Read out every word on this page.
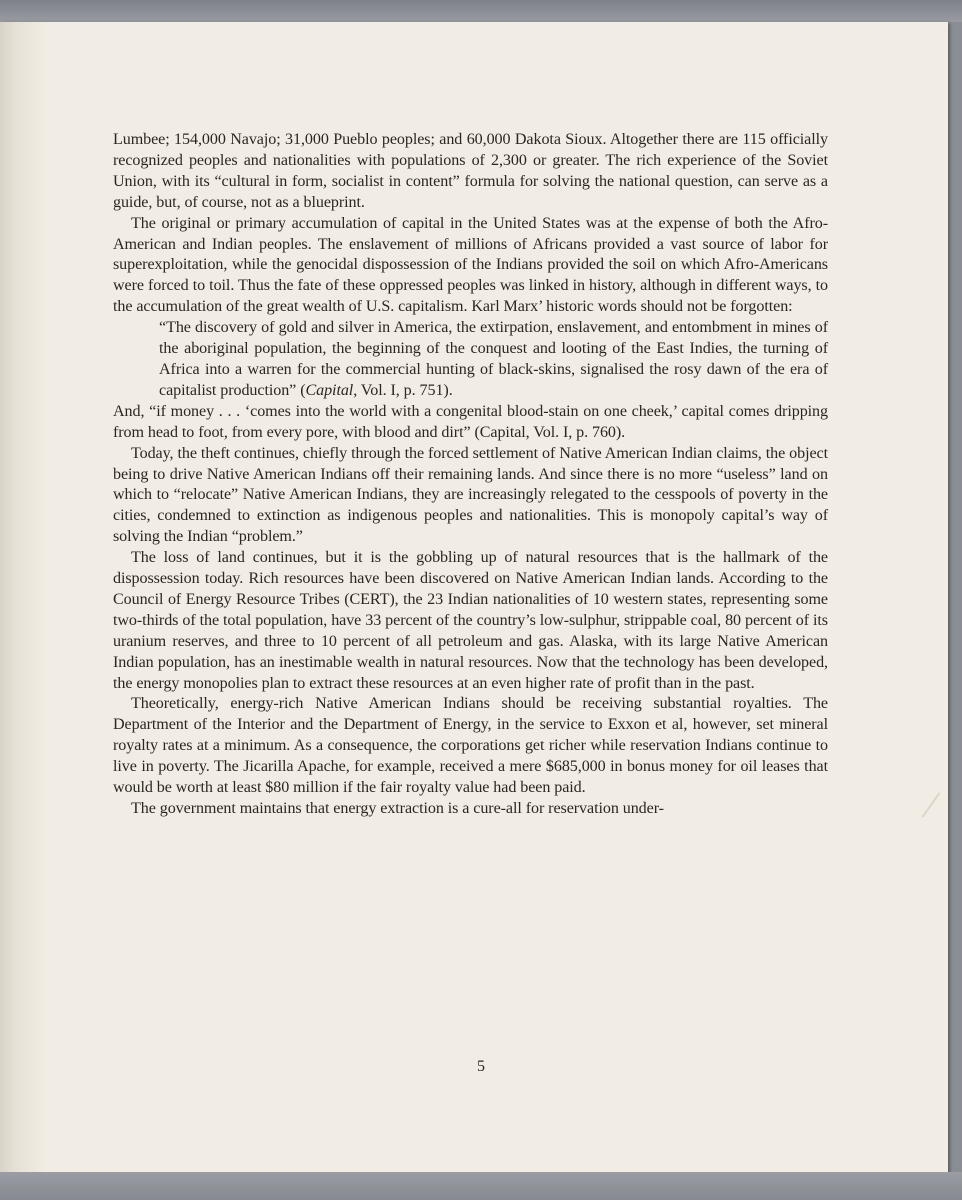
Lumbee; 154,000 Navajo; 31,000 Pueblo peoples; and 60,000 Dakota Sioux. Altogether there are 115 officially recognized peoples and nationalities with populations of 2,300 or greater. The rich experience of the Soviet Union, with its “cultural in form, socialist in content” formula for solving the national question, can serve as a guide, but, of course, not as a blueprint.

The original or primary accumulation of capital in the United States was at the expense of both the Afro-American and Indian peoples. The enslavement of millions of Africans provided a vast source of labor for superexploitation, while the genocidal dispossession of the Indians provided the soil on which Afro-Americans were forced to toil. Thus the fate of these oppressed peoples was linked in history, although in different ways, to the accumulation of the great wealth of U.S. capitalism. Karl Marx’ historic words should not be forgotten:

“The discovery of gold and silver in America, the extirpation, enslavement, and entombment in mines of the aboriginal population, the beginning of the conquest and looting of the East Indies, the turning of Africa into a warren for the commercial hunting of black-skins, signalised the rosy dawn of the era of capitalist production” (Capital, Vol. I, p. 751).

And, “if money . . . ‘comes into the world with a congenital blood-stain on one cheek,’ capital comes dripping from head to foot, from every pore, with blood and dirt” (Capital, Vol. I, p. 760).

Today, the theft continues, chiefly through the forced settlement of Native American Indian claims, the object being to drive Native American Indians off their remaining lands. And since there is no more “useless” land on which to “relocate” Native American Indians, they are increasingly relegated to the cesspools of poverty in the cities, condemned to extinction as indigenous peoples and nationalities. This is monopoly capital’s way of solving the Indian “problem.”

The loss of land continues, but it is the gobbling up of natural resources that is the hallmark of the dispossession today. Rich resources have been discovered on Native American Indian lands. According to the Council of Energy Resource Tribes (CERT), the 23 Indian nationalities of 10 western states, representing some two-thirds of the total population, have 33 percent of the country’s low-sulphur, strippable coal, 80 percent of its uranium reserves, and three to 10 percent of all petroleum and gas. Alaska, with its large Native American Indian population, has an inestimable wealth in natural resources. Now that the technology has been developed, the energy monopolies plan to extract these resources at an even higher rate of profit than in the past.

Theoretically, energy-rich Native American Indians should be receiving substantial royalties. The Department of the Interior and the Department of Energy, in the service to Exxon et al, however, set mineral royalty rates at a minimum. As a consequence, the corporations get richer while reservation Indians continue to live in poverty. The Jicarilla Apache, for example, received a mere $685,000 in bonus money for oil leases that would be worth at least $80 million if the fair royalty value had been paid.

The government maintains that energy extraction is a cure-all for reservation under-

5
